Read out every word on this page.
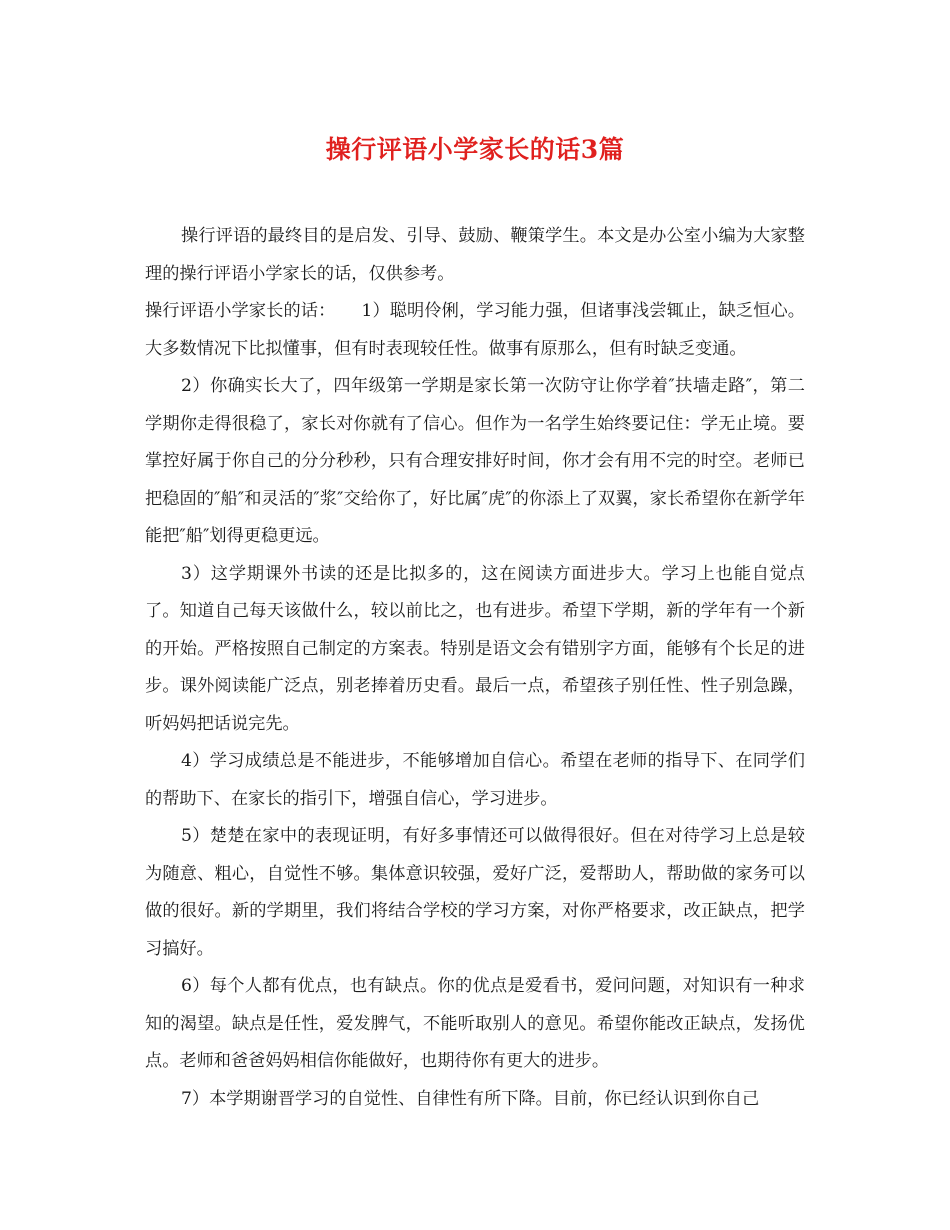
操行评语小学家长的话3篇

操行评语的最终目的是启发、引导、鼓励、鞭策学生。本文是办公室小编为大家整理的操行评语小学家长的话，仅供参考。

操行评语小学家长的话：　　1）聪明伶俐，学习能力强，但诸事浅尝辄止，缺乏恒心。大多数情况下比拟懂事，但有时表现较任性。做事有原那么，但有时缺乏变通。

2）你确实长大了，四年级第一学期是家长第一次防守让你学着″扶墙走路″，第二学期你走得很稳了，家长对你就有了信心。但作为一名学生始终要记住：学无止境。要掌控好属于你自己的分分秒秒，只有合理安排好时间，你才会有用不完的时空。老师已把稳固的″船″和灵活的″浆″交给你了，好比属″虎″的你添上了双翼，家长希望你在新学年能把″船″划得更稳更远。

3）这学期课外书读的还是比拟多的，这在阅读方面进步大。学习上也能自觉点了。知道自己每天该做什么，较以前比之，也有进步。希望下学期，新的学年有一个新的开始。严格按照自己制定的方案表。特别是语文会有错别字方面，能够有个长足的进步。课外阅读能广泛点，别老捧着历史看。最后一点，希望孩子别任性、性子别急躁，听妈妈把话说完先。

4）学习成绩总是不能进步，不能够增加自信心。希望在老师的指导下、在同学们的帮助下、在家长的指引下，增强自信心，学习进步。

5）楚楚在家中的表现证明，有好多事情还可以做得很好。但在对待学习上总是较为随意、粗心，自觉性不够。集体意识较强，爱好广泛，爱帮助人，帮助做的家务可以做的很好。新的学期里，我们将结合学校的学习方案，对你严格要求，改正缺点，把学习搞好。

6）每个人都有优点，也有缺点。你的优点是爱看书，爱问问题，对知识有一种求知的渴望。缺点是任性，爱发脾气，不能听取别人的意见。希望你能改正缺点，发扬优点。老师和爸爸妈妈相信你能做好，也期待你有更大的进步。

7）本学期谢晋学习的自觉性、自律性有所下降。目前，你已经认识到你自己
